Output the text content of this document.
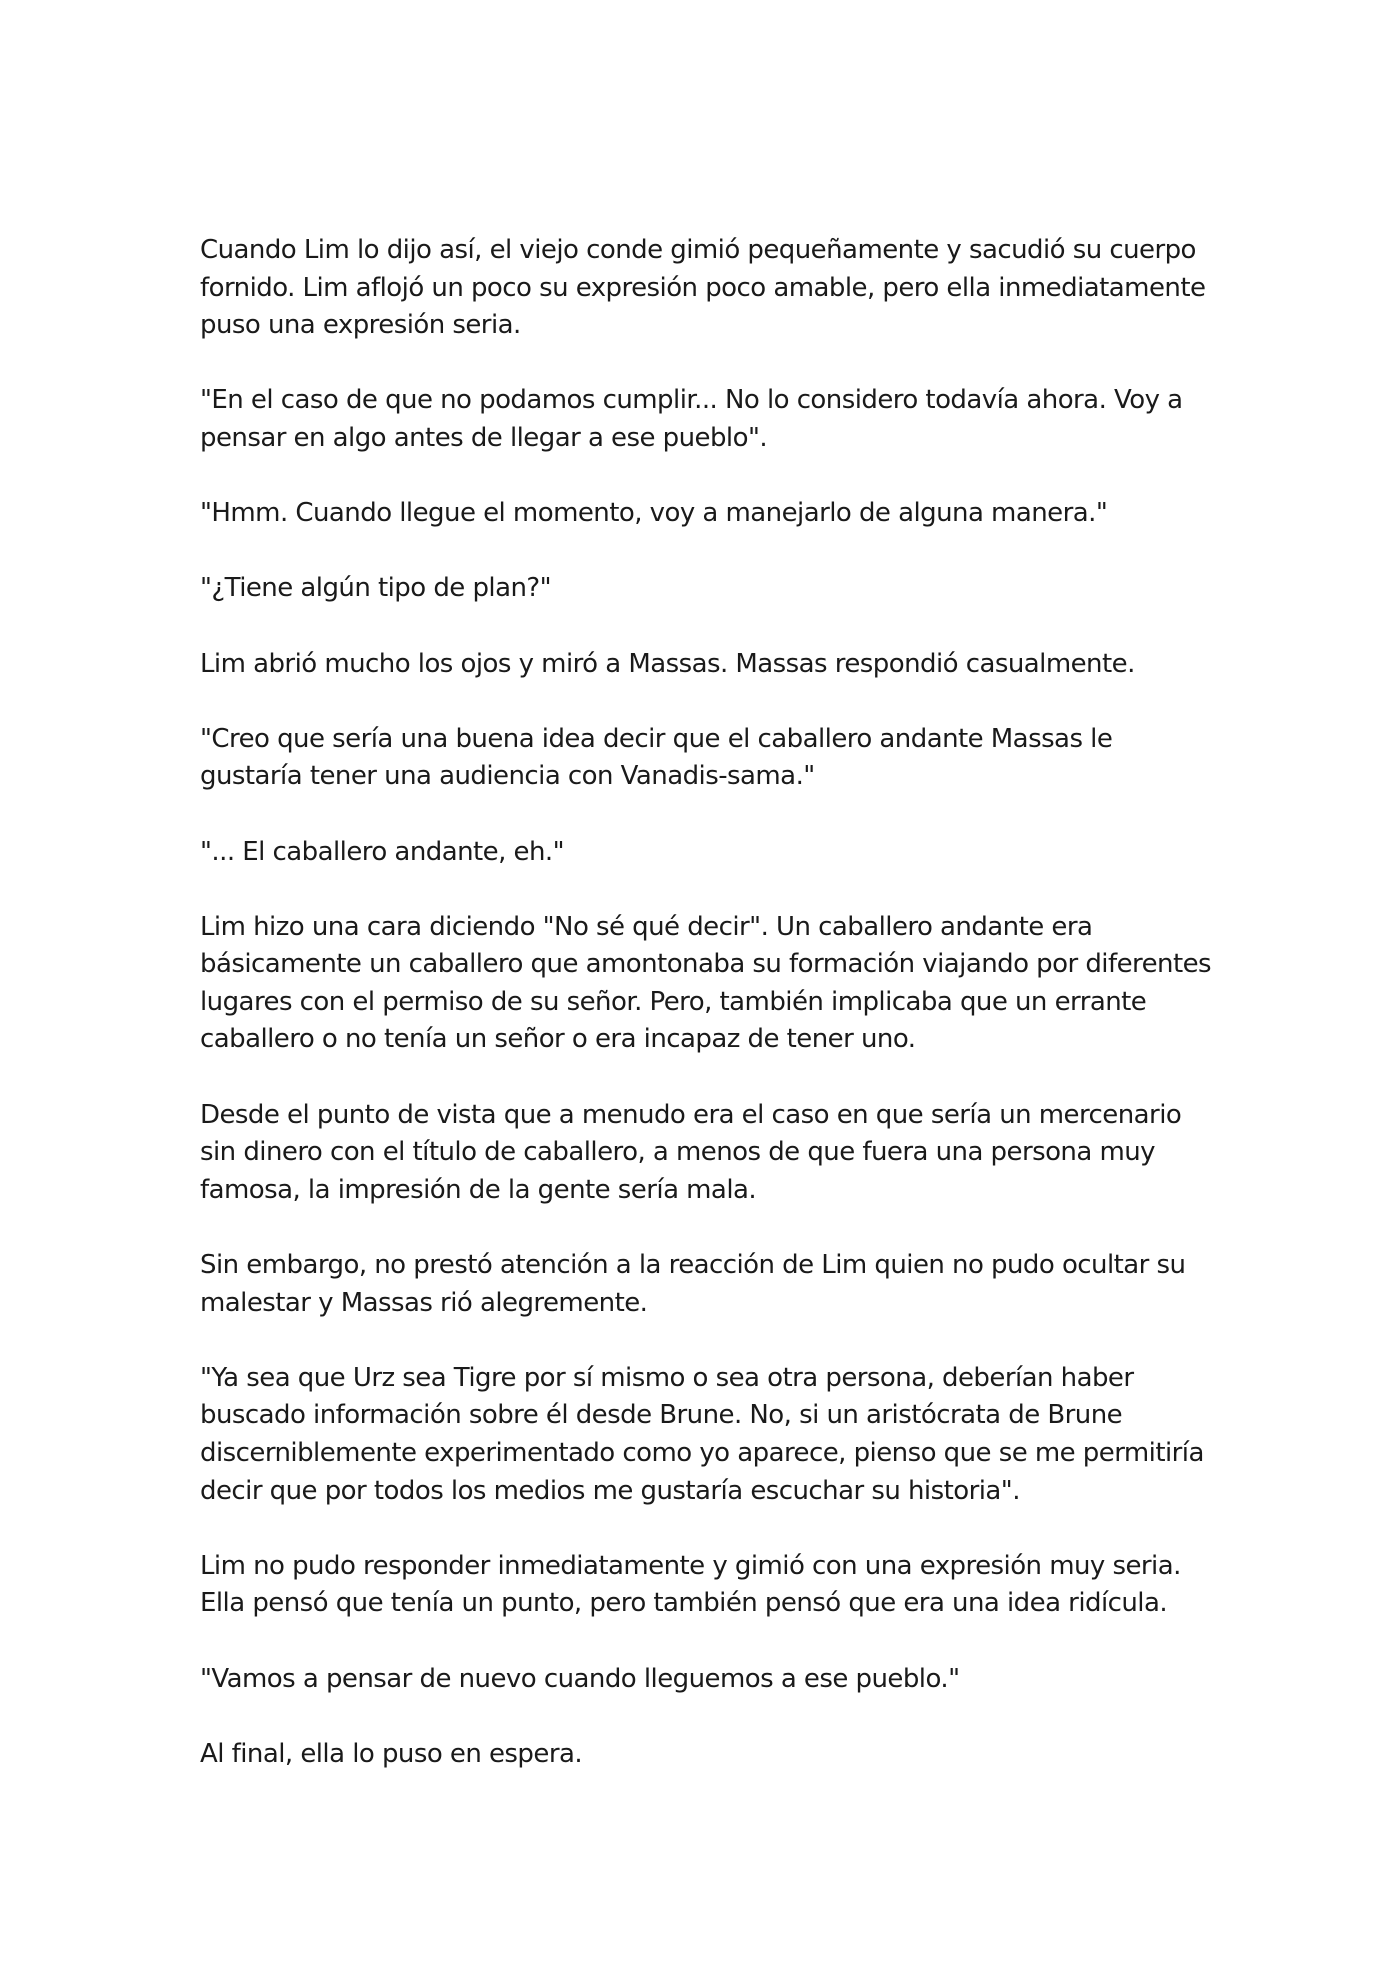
Cuando Lim lo dijo así, el viejo conde gimió pequeñamente y sacudió su cuerpo fornido. Lim aflojó un poco su expresión poco amable, pero ella inmediatamente puso una expresión seria.

"En el caso de que no podamos cumplir... No lo considero todavía ahora. Voy a pensar en algo antes de llegar a ese pueblo".

"Hmm. Cuando llegue el momento, voy a manejarlo de alguna manera."

"¿Tiene algún tipo de plan?"

Lim abrió mucho los ojos y miró a Massas. Massas respondió casualmente.

"Creo que sería una buena idea decir que el caballero andante Massas le gustaría tener una audiencia con Vanadis-sama."

"... El caballero andante, eh."

Lim hizo una cara diciendo "No sé qué decir". Un caballero andante era básicamente un caballero que amontonaba su formación viajando por diferentes lugares con el permiso de su señor. Pero, también implicaba que un errante caballero o no tenía un señor o era incapaz de tener uno.

Desde el punto de vista que a menudo era el caso en que sería un mercenario sin dinero con el título de caballero, a menos de que fuera una persona muy famosa, la impresión de la gente sería mala.

Sin embargo, no prestó atención a la reacción de Lim quien no pudo ocultar su malestar y Massas rió alegremente.

"Ya sea que Urz sea Tigre por sí mismo o sea otra persona, deberían haber buscado información sobre él desde Brune. No, si un aristócrata de Brune discerniblemente experimentado como yo aparece, pienso que se me permitiría decir que por todos los medios me gustaría escuchar su historia".

Lim no pudo responder inmediatamente y gimió con una expresión muy seria. Ella pensó que tenía un punto, pero también pensó que era una idea ridícula.

"Vamos a pensar de nuevo cuando lleguemos a ese pueblo."

Al final, ella lo puso en espera.
